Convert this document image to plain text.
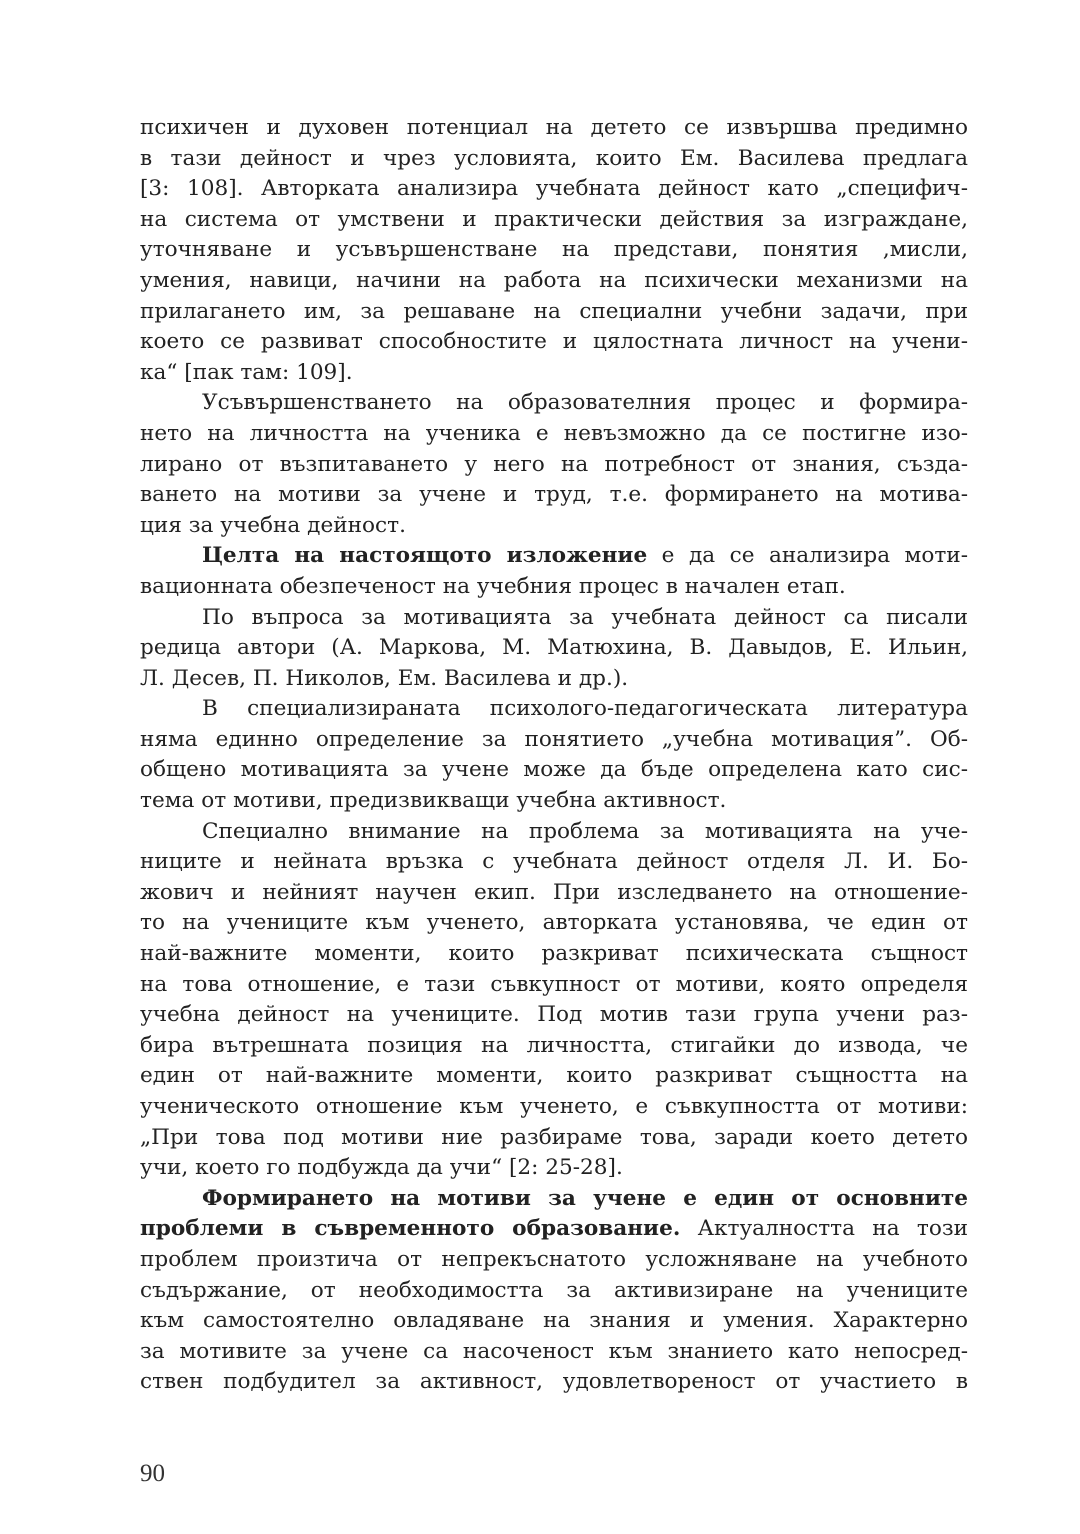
психичен и духовен потенциал на детето се извършва предимно
в тази дейност и чрез условията, които Ем. Василева предлага
[3: 108]. Авторката анализира учебната дейност като „специфич-
на система от умствени и практически действия за изграждане,
уточняване и усъвършенстване на представи, понятия ,мисли,
умения, навици, начини на работа на психически механизми на
прилагането им, за решаване на специални учебни задачи, при
което се развиват способностите и цялостната личност на учени-
ка“ [пак там: 109].
Усъвършенстването на образователния процес и формира-
нето на личността на ученика е невъзможно да се постигне изо-
лирано от възпитаването у него на потребност от знания, създа-
ването на мотиви за учене и труд, т.е. формирането на мотива-
ция за учебна дейност.
Целта на настоящото изложение е да се анализира моти-
вационната обезпеченост на учебния процес в начален етап.
По въпроса за мотивацията за учебната дейност са писали
редица автори (А. Маркова, М. Матюхина, В. Давыдов, Е. Ильин,
Л. Десев, П. Николов, Ем. Василева и др.).
В специализираната психолого-педагогическата литература
няма единно определение за понятието „учебна мотивация”. Об-
общено мотивацията за учене може да бъде определена като сис-
тема от мотиви, предизвикващи учебна активност.
Специално внимание на проблема за мотивацията на уче-
ниците и нейната връзка с учебната дейност отделя Л. И. Бо-
жович и нейният научен екип. При изследването на отношение-
то на учениците към ученето, авторката установява, че един от
най-важните моменти, които разкриват психическата същност
на това отношение, е тази съвкупност от мотиви, която определя
учебна дейност на учениците. Под мотив тази група учени раз-
бира вътрешната позиция на личността, стигайки до извода, че
един от най-важните моменти, които разкриват същността на
ученическото отношение към ученето, е съвкупността от мотиви:
„При това под мотиви ние разбираме това, заради което детето
учи, което го подбужда да учи“ [2: 25-28].
Формирането на мотиви за учене е един от основните
проблеми в съвременното образование. Актуалността на този
проблем произтича от непрекъснатото усложняване на учебното
съдържание, от необходимостта за активизиране на учениците
към самостоятелно овладяване на знания и умения. Характерно
за мотивите за учене са насоченост към знанието като непосред-
ствен подбудител за активност, удовлетвореност от участието в
90
